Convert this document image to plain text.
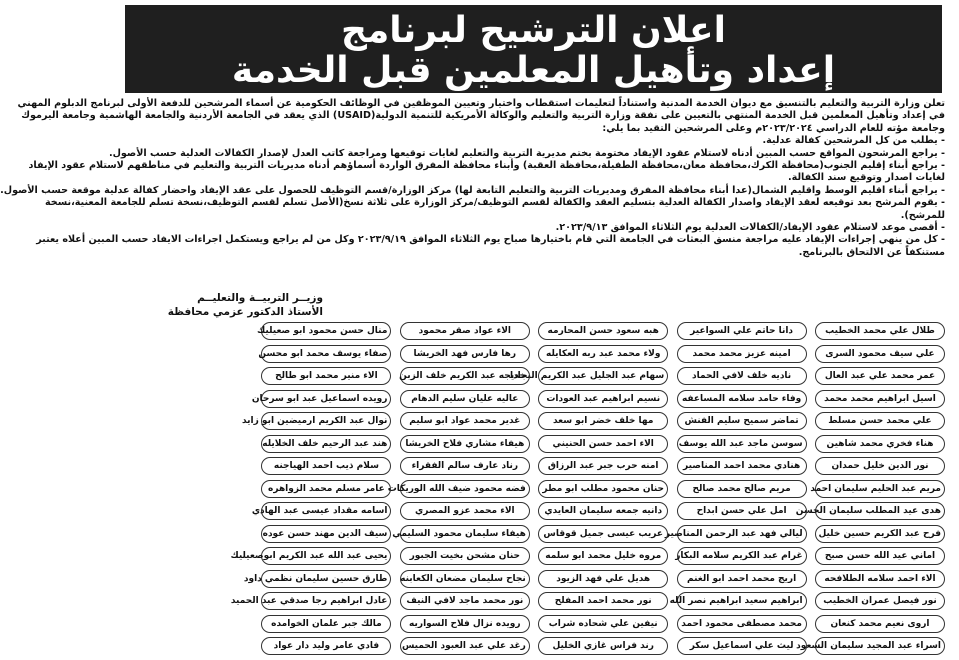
اعلان الترشيح لبرنامج
إعداد وتأهيل المعلمين قبل الخدمة

تعلن وزارة التربية والتعليم بالتنسيق مع ديوان الخدمة المدنية واستناداً لتعليمات استقطاب واختيار وتعيين الموظفين في الوظائف الحكومية عن أسماء المرشحين للدفعة الأولى لبرنامج الدبلوم المهني

في إعداد وتأهيل المعلمين قبل الخدمة المنتهي بالتعيين على نفقة وزارة التربية والتعليم والوكالة الأمريكية للتنمية الدولية(USAID) الذي يعقد في الجامعة الأردنية والجامعة الهاشمية وجامعة اليرموك

وجامعة مؤته للعام الدراسي ٢٠٢٣/٢٠٢٤م وعلى المرشحين التقيد بما يلي:

- يطلب من كل المرشحين كفالة عدلية.

- يراجع المرشحون المواقع حسب المبين أدناه لاستلام عقود الإيفاد مختومة بختم مديرية التربية والتعليم لغايات توقيعها ومراجعة كاتب العدل لإصدار الكفالات العدلية حسب الأصول.

- يراجع أبناء إقليم الجنوب(محافظة الكرك،محافظة معان،محافظة الطفيلة،محافظة العقبة) وأبناء محافظة المفرق الواردة أسماؤهم أدناه مديريات التربية والتعليم في مناطقهم لاستلام عقود الإيفاد

لغايات اصدار وتوقيع سند الكفالة.

- يراجع أبناء اقليم الوسط واقليم الشمال(عدا أبناء محافظة المفرق ومديريات التربية والتعليم التابعة لها) مركز الوزارة/قسم التوظيف للحصول على عقد الإيفاد واحضار كفالة عدلية موقعة حسب الأصول.

- يقوم المرشح بعد توقيعه لعقد الإيفاد واصدار الكفالة العدلية بتسليم العقد والكفالة لقسم التوظيف/مركز الوزارة على ثلاثة نسخ(الأصل تسلم لقسم التوظيف،نسخة تسلم للجامعة المعنية،نسخة

للمرشح).

- أقصى موعد لاستلام عقود الإيفاد/الكفالات العدلية يوم الثلاثاء الموافق ٢٠٢٣/٩/١٣.

- كل من ينهي إجراءات الإيفاد عليه مراجعة منسق البعثات في الجامعة التي قام باختيارها صباح يوم الثلاثاء الموافق ٢٠٢٣/٩/١٩ وكل من لم يراجع ويستكمل اجراءات الايفاد حسب المبين أعلاه يعتبر

مستنكفاً عن الالتحاق بالبرنامج.

وزيــر التربيــة والتعليــم
الأستاذ الدكتور عزمي محافظة
طلال علي محمد الخطيب
علي سيف محمود السرى
عمر محمد علي عبد العال
اسيل ابراهيم محمد محمد
علي محمد حسن مسلط
هناء فخري محمد شاهين
نور الدين خليل حمدان
مريم عبد الحليم سليمان احمد
هدى عيد المطلب سليمان الحسن
فرح عبد الكريم حسين خليل
اماني عيد الله حسن صبح
الاء احمد سلامه الطلافحه
نور فيصل عمران الخطيب
اروى نعيم محمد كنعان
اسراء عبد المجيد سليمان السعود
دانا حاتم علي السواعير
امينه عزيز محمد محمد
ناديه خلف لافي الحماد
وفاء حامد سلامه المساعفه
تماضر سميح سليم الفنش
سوسن ماجد عبد الله يوسف
هنادي محمد احمد المناصير
مريم صالح محمد صالح
امل علي حسن ابداح
ليالي فهد عبد الرحمن المناصير
غرام عبد الكريم سلامه البكار
اريج محمد احمد ابو الغنم
ابراهيم سعيد ابراهيم نصر الله
محمد مصطفى محمود احمد
ليث علي اسماعيل سكر
هبه سعود حسن المحارمه
ولاء محمد عبد ربه العكايله
سهام عبد الجليل عبد الكريم النجادا
نسيم ابراهيم عبد العودات
مها خلف خضر ابو سعد
الاء احمد حسن الحنيني
امنه حرب جبر عبد الرزاق
حنان محمود مطلب ابو مطر
دانيه جمعه سليمان العايدي
عريب عيسى جميل قوقاس
مروه خليل محمد ابو سلمه
هديل علي فهد الزيود
نور محمد احمد المفلح
نيفين علي شحاده شراب
رند فراس غازي الخليل
الاء عواد صقر محمود
رها فارس فهد الخريشا
خديجه عبد الكريم خلف الزبن
عاليه عليان سليم الدهام
غدير محمد عواد ابو سليم
هيفاء مشاري فلاح الخريشا
رناد عارف سالم الفقراء
فضه محمود ضيف الله الوريكات
الاء محمد عزو المصري
هيفاء سليمان محمود السليمي
حنان مشحن بخيت الجبور
نجاح سليمان مضعان الكعابنه
نور محمد ماجد لافي النيف
رويده نزال فلاح السواريه
رغد علي عبد العبود الحميس
منال حسن محمود ابو صعيليك
صفاء يوسف محمد ابو محسن
الاء منير محمد ابو طالح
رويده اسماعيل عبد ابو سرحان
نوال عبد الكريم ارميضين ابو زايد
هند عبد الرحيم خلف الخلايله
سلام ذيب احمد الهياجنه
عامر مسلم محمد الزواهره
اسامه مقداد عيسى عبد الهادي
سيف الدين مهند حسن عوده
يحيى عبد الله عبد الكريم ابوصعيليك
طارق حسين سليمان نظمي داود
عادل ابراهيم رجا صدقي عبد الحميد
مالك جبر علمان الخوامده
فادي عامر وليد دار عواد
